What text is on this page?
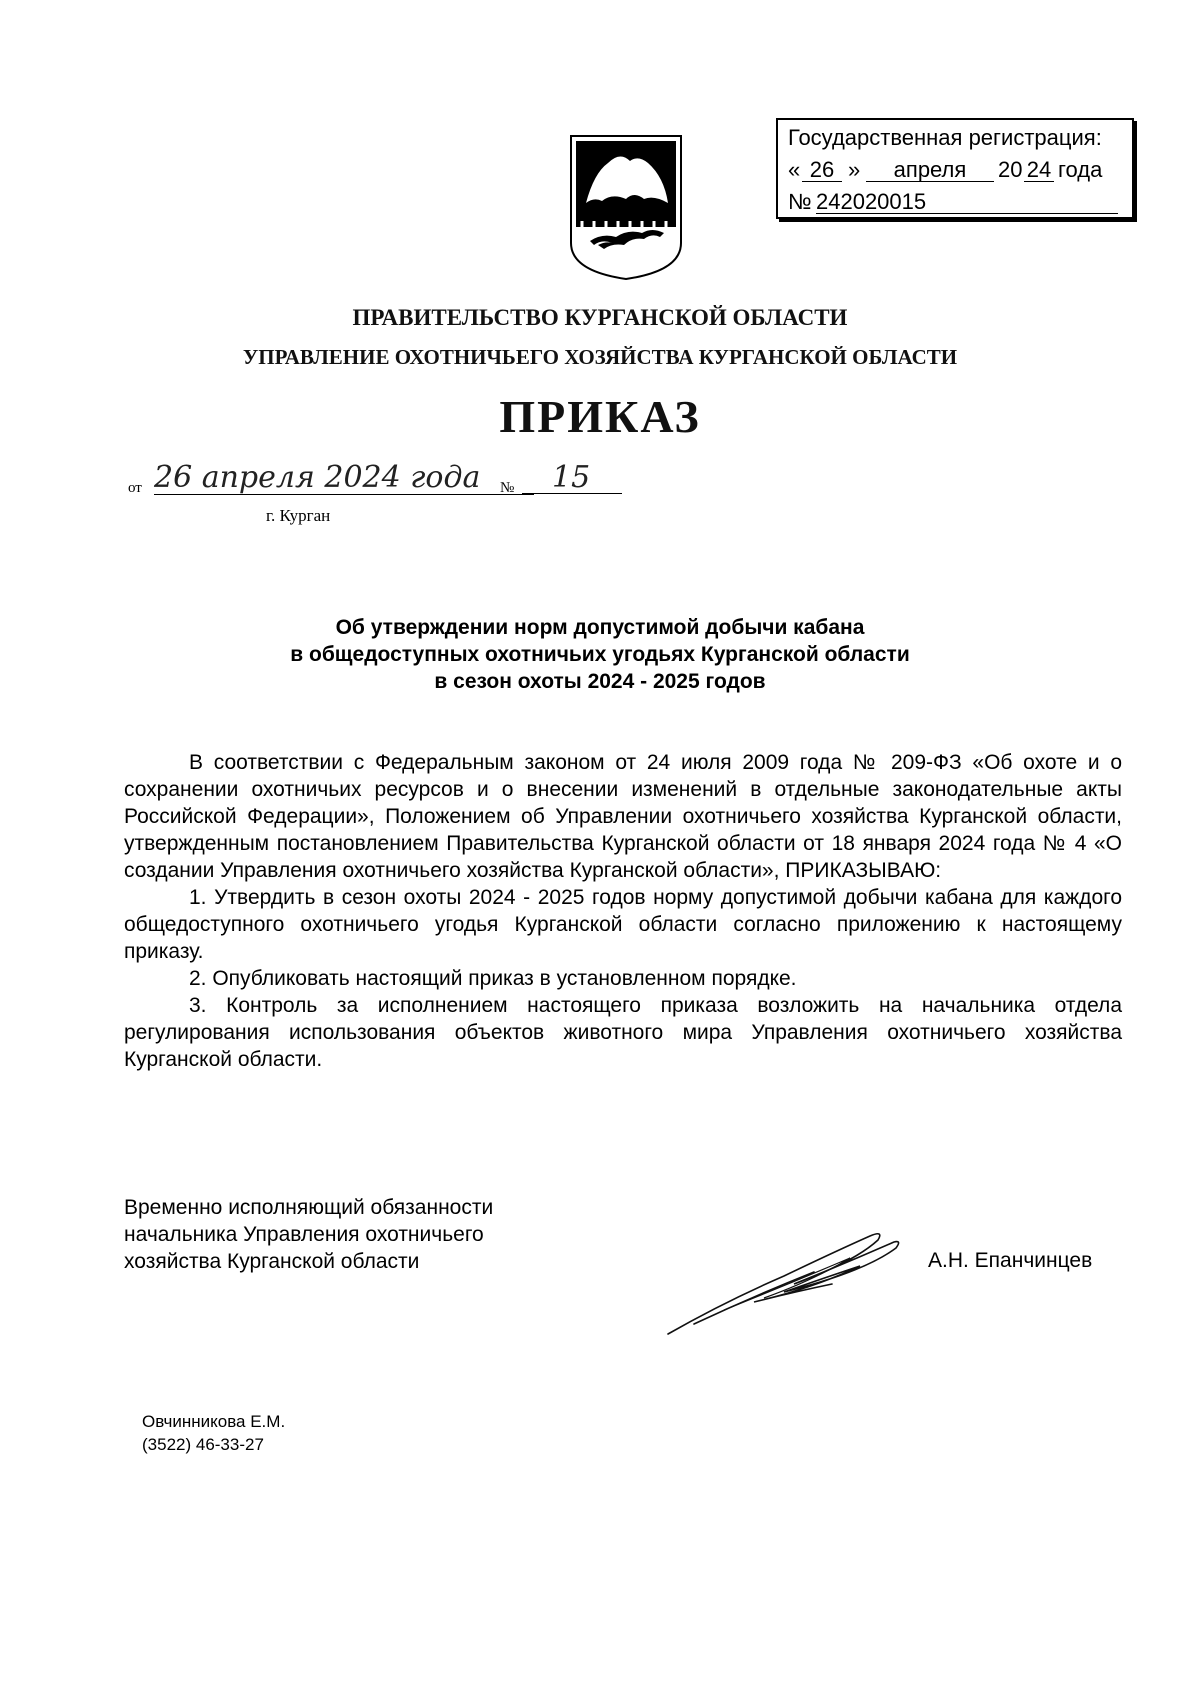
Государственная регистрация:
« 26 »	апреля	20 24 года
№ 242020015
ПРАВИТЕЛЬСТВО КУРГАНСКОЙ ОБЛАСТИ
УПРАВЛЕНИЕ ОХОТНИЧЬЕГО ХОЗЯЙСТВА КУРГАНСКОЙ ОБЛАСТИ
ПРИКАЗ
от 26 апреля 2024 года	№	15
г. Курган
Об утверждении норм допустимой добычи кабана
в общедоступных охотничьих угодьях Курганской области
в сезон охоты 2024 - 2025 годов

В соответствии с Федеральным законом от 24 июля 2009 года № 209-ФЗ «Об охоте и о сохранении охотничьих ресурсов и о внесении изменений в отдельные законодательные акты Российской Федерации», Положением об Управлении охотничьего хозяйства Курганской области, утвержденным постановлением Правительства Курганской области от 18 января 2024 года № 4 «О создании Управления охотничьего хозяйства Курганской области», ПРИКАЗЫВАЮ:

1. Утвердить в сезон охоты 2024 - 2025 годов норму допустимой добычи кабана для каждого общедоступного охотничьего угодья Курганской области согласно приложению к настоящему приказу.

2. Опубликовать настоящий приказ в установленном порядке.

3. Контроль за исполнением настоящего приказа возложить на начальника отдела регулирования использования объектов животного мира Управления охотничьего хозяйства Курганской области.

Временно исполняющий обязанности
начальника Управления охотничьего
хозяйства Курганской области	А.Н. Епанчинцев
Овчинникова Е.М.
(3522) 46-33-27
